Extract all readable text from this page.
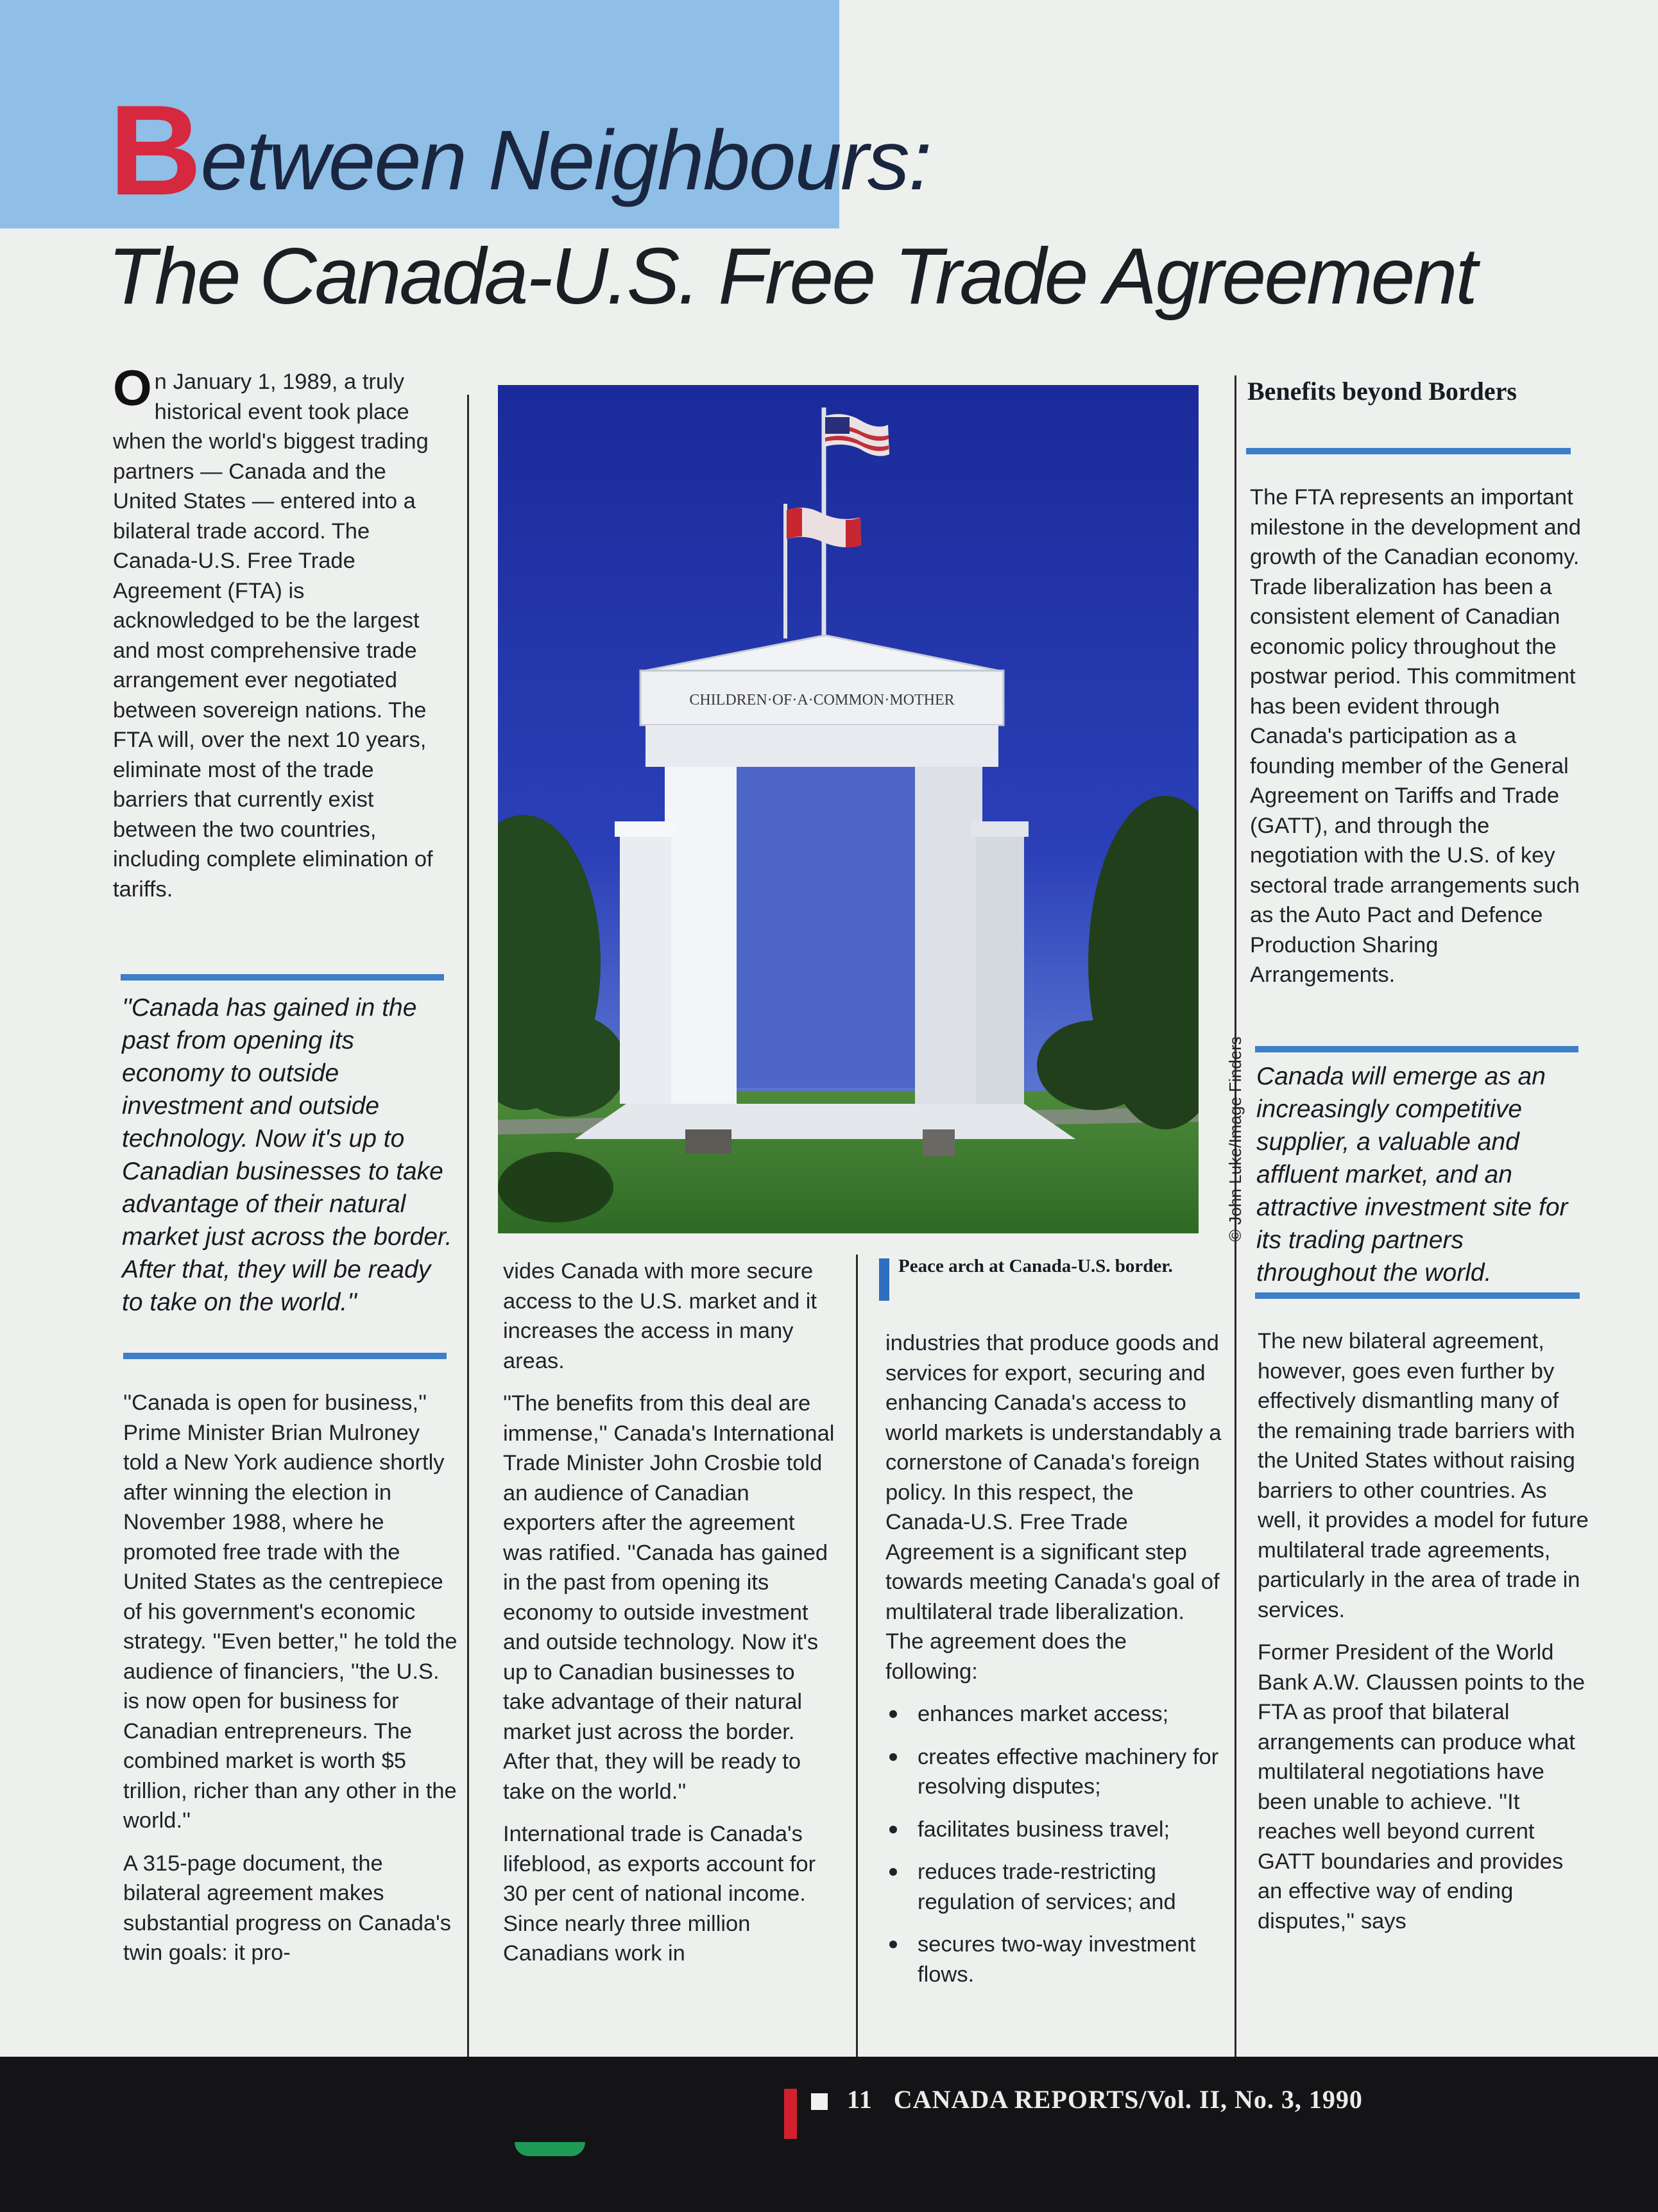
Between Neighbours:
The Canada-U.S. Free Trade Agreement

On January 1, 1989, a truly historical event took place when the world's biggest trading partners — Canada and the United States — entered into a bilateral trade accord. The Canada-U.S. Free Trade Agreement (FTA) is acknowledged to be the largest and most comprehensive trade arrangement ever negotiated between sovereign nations. The FTA will, over the next 10 years, eliminate most of the trade barriers that currently exist between the two countries, including complete elimination of tariffs.

''Canada has gained in the past from opening its economy to outside investment and outside technology. Now it's up to Canadian businesses to take advantage of their natural market just across the border. After that, they will be ready to take on the world.''

''Canada is open for business,'' Prime Minister Brian Mulroney told a New York audience shortly after winning the election in November 1988, where he promoted free trade with the United States as the centrepiece of his government's economic strategy. ''Even better,'' he told the audience of financiers, ''the U.S. is now open for business for Canadian entrepreneurs. The combined market is worth $5 trillion, richer than any other in the world.''

A 315-page document, the bilateral agreement makes substantial progress on Canada's twin goals: it pro-

CHILDREN·OF·A·COMMON·MOTHER
© John Luke/Image Finders

vides Canada with more secure access to the U.S. market and it increases the access in many areas.

''The benefits from this deal are immense,'' Canada's International Trade Minister John Crosbie told an audience of Canadian exporters after the agreement was ratified. ''Canada has gained in the past from opening its economy to outside investment and outside technology. Now it's up to Canadian businesses to take advantage of their natural market just across the border. After that, they will be ready to take on the world.''

International trade is Canada's lifeblood, as exports account for 30 per cent of national income. Since nearly three million Canadians work in

Peace arch at Canada-U.S. border.

industries that produce goods and services for export, securing and enhancing Canada's access to world markets is understandably a cornerstone of Canada's foreign policy. In this respect, the Canada-U.S. Free Trade Agreement is a significant step towards meeting Canada's goal of multilateral trade liberalization. The agreement does the following:

enhances market access;
creates effective machinery for resolving disputes;
facilitates business travel;
reduces trade-restricting regulation of services; and
secures two-way investment flows.
Benefits beyond Borders

The FTA represents an important milestone in the development and growth of the Canadian economy. Trade liberalization has been a consistent element of Canadian economic policy throughout the postwar period. This commitment has been evident through Canada's participation as a founding member of the General Agreement on Tariffs and Trade (GATT), and through the negotiation with the U.S. of key sectoral trade arrangements such as the Auto Pact and Defence Production Sharing Arrangements.

Canada will emerge as an increasingly competitive supplier, a valuable and affluent market, and an attractive investment site for its trading partners throughout the world.

The new bilateral agreement, however, goes even further by effectively dismantling many of the remaining trade barriers with the United States without raising barriers to other countries. As well, it provides a model for future multilateral trade agreements, particularly in the area of trade in services.

Former President of the World Bank A.W. Claussen points to the FTA as proof that bilateral arrangements can produce what multilateral negotiations have been unable to achieve. ''It reaches well beyond current GATT boundaries and provides an effective way of ending disputes,'' says

11 CANADA REPORTS/Vol. II, No. 3, 1990
